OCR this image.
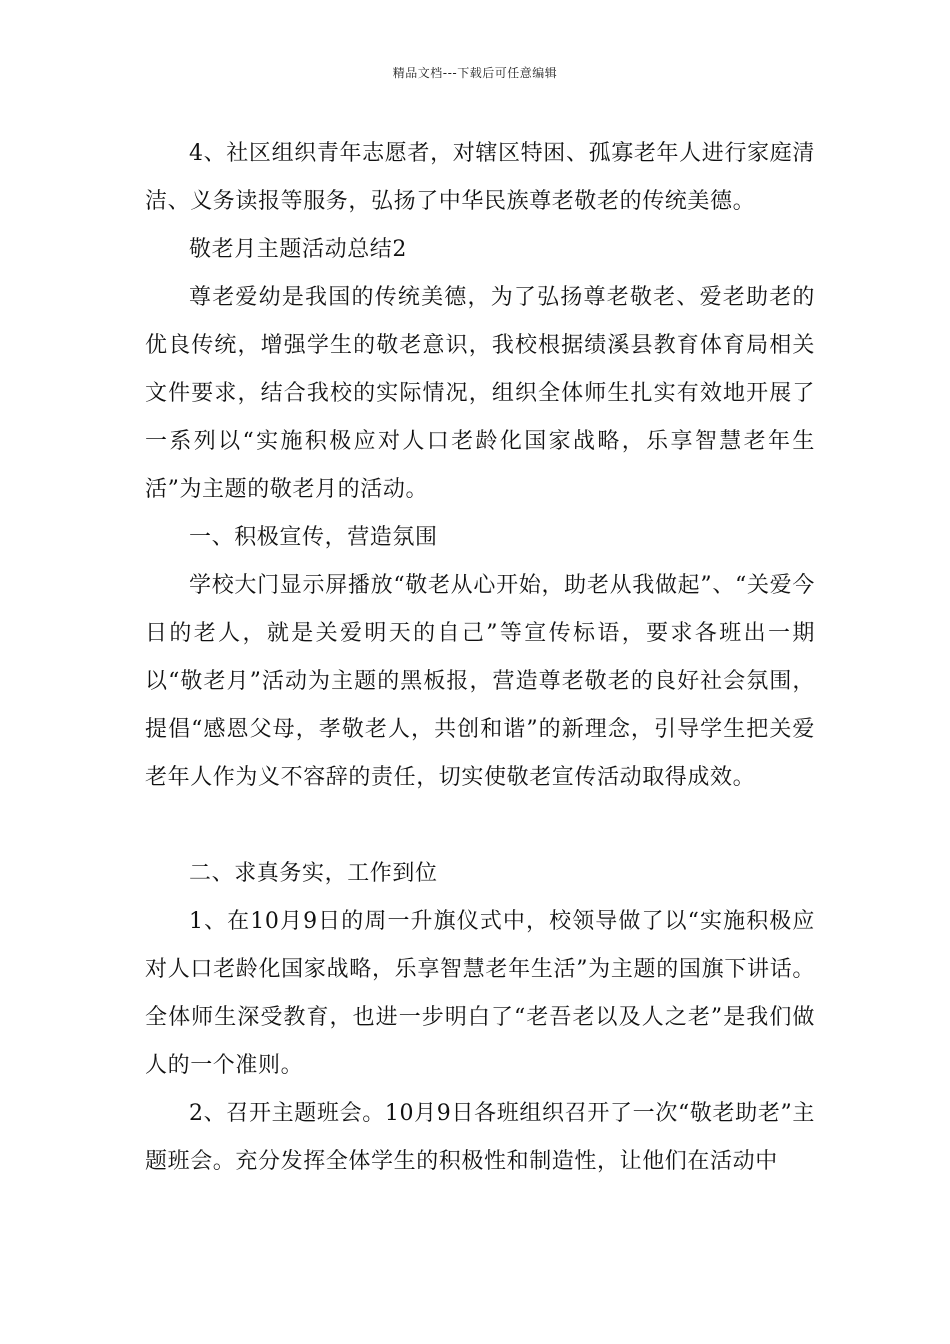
精品文档---下载后可任意编辑

4、社区组织青年志愿者，对辖区特困、孤寡老年人进行家庭清洁、义务读报等服务，弘扬了中华民族尊老敬老的传统美德。

敬老月主题活动总结2

尊老爱幼是我国的传统美德，为了弘扬尊老敬老、爱老助老的优良传统，增强学生的敬老意识，我校根据绩溪县教育体育局相关文件要求，结合我校的实际情况，组织全体师生扎实有效地开展了一系列以“实施积极应对人口老龄化国家战略，乐享智慧老年生活”为主题的敬老月的活动。

一、积极宣传，营造氛围

学校大门显示屏播放“敬老从心开始，助老从我做起”、“关爱今日的老人，就是关爱明天的自己”等宣传标语，要求各班出一期以“敬老月”活动为主题的黑板报，营造尊老敬老的良好社会氛围，提倡“感恩父母，孝敬老人，共创和谐”的新理念，引导学生把关爱老年人作为义不容辞的责任，切实使敬老宣传活动取得成效。

二、求真务实，工作到位

1、在10月9日的周一升旗仪式中，校领导做了以“实施积极应对人口老龄化国家战略，乐享智慧老年生活”为主题的国旗下讲话。全体师生深受教育，也进一步明白了“老吾老以及人之老”是我们做人的一个准则。

2、召开主题班会。10月9日各班组织召开了一次“敬老助老”主题班会。充分发挥全体学生的积极性和制造性，让他们在活动中
